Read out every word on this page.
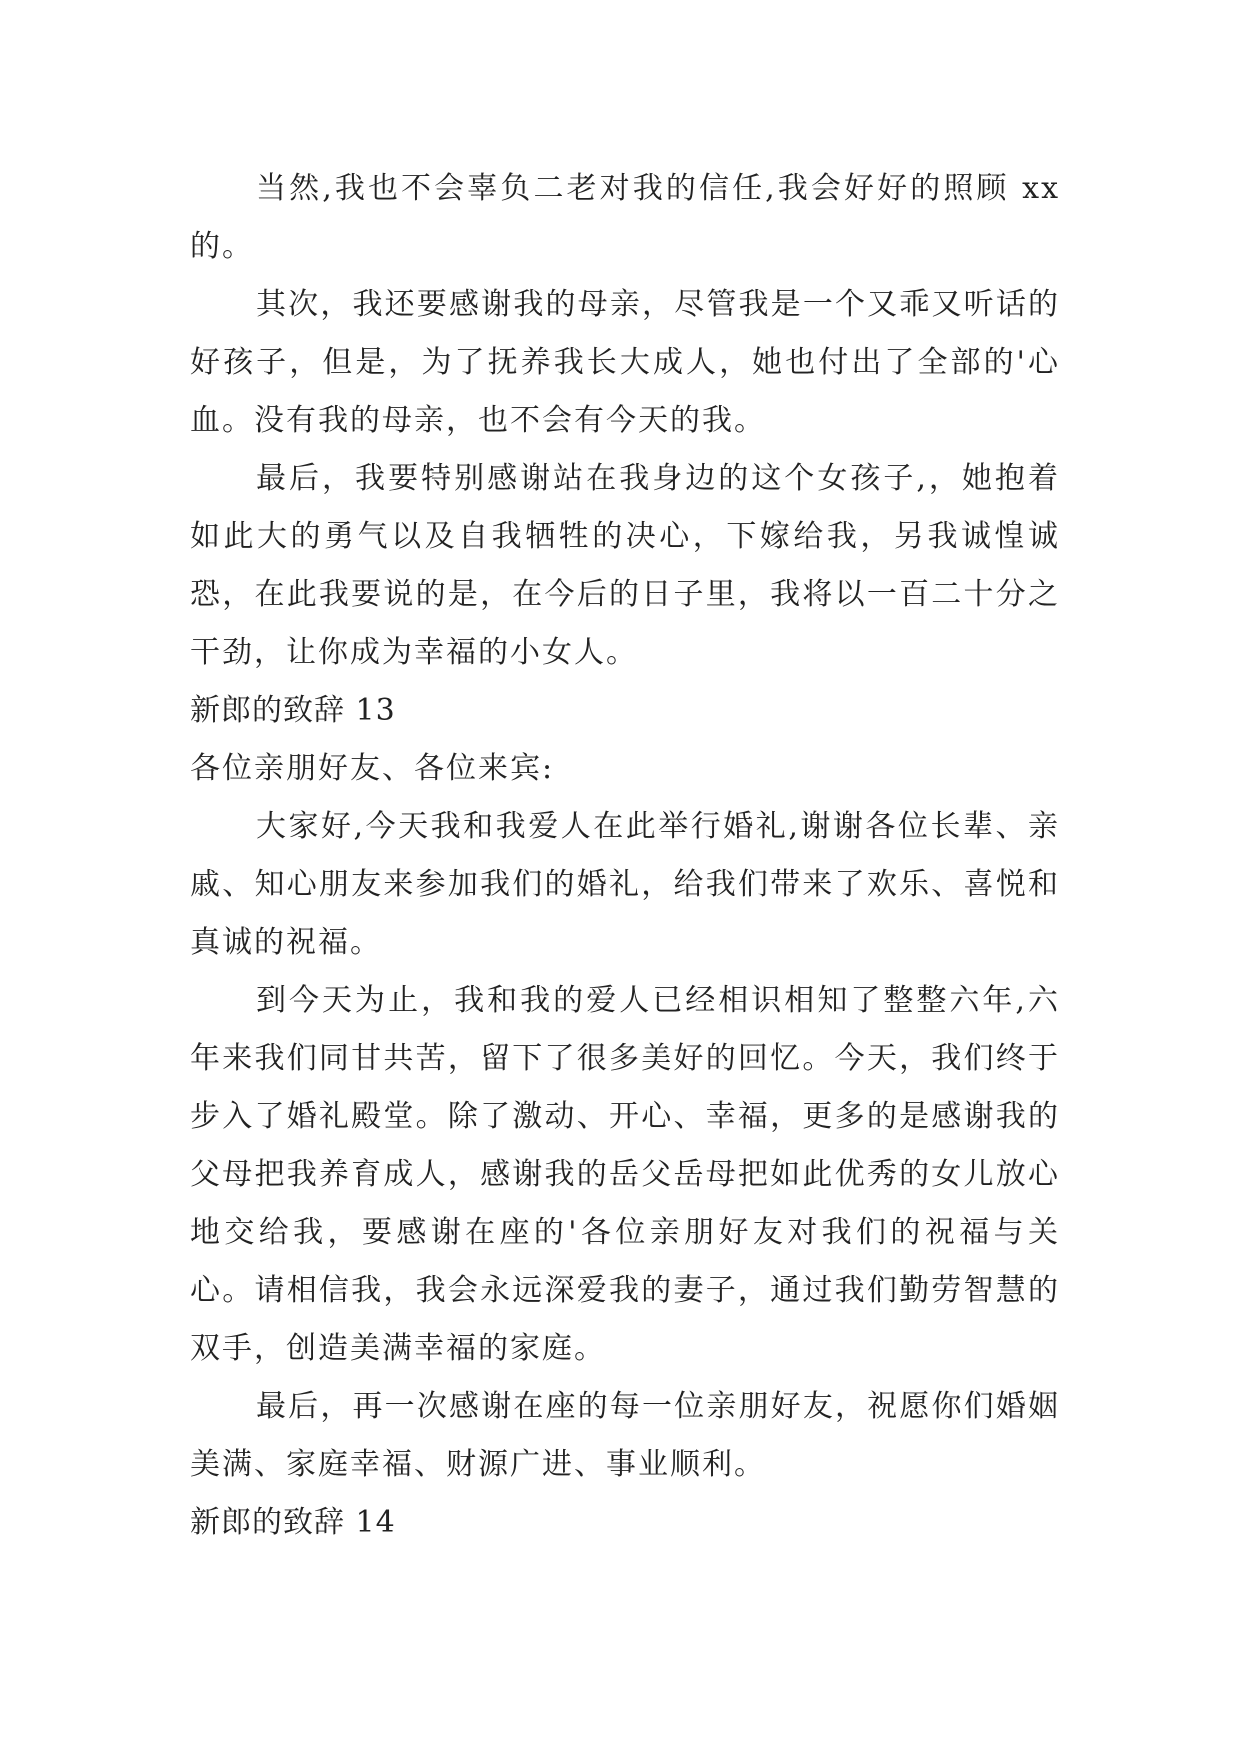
当然,我也不会辜负二老对我的信任,我会好好的照顾 xx 的。

其次，我还要感谢我的母亲，尽管我是一个又乖又听话的好孩子，但是，为了抚养我长大成人，她也付出了全部的'心血。没有我的母亲，也不会有今天的我。

最后，我要特别感谢站在我身边的这个女孩子,，她抱着如此大的勇气以及自我牺牲的决心，下嫁给我，另我诚惶诚恐，在此我要说的是，在今后的日子里，我将以一百二十分之干劲，让你成为幸福的小女人。

新郎的致辞 13

各位亲朋好友、各位来宾:

大家好,今天我和我爱人在此举行婚礼,谢谢各位长辈、亲戚、知心朋友来参加我们的婚礼，给我们带来了欢乐、喜悦和真诚的祝福。

到今天为止，我和我的爱人已经相识相知了整整六年,六年来我们同甘共苦，留下了很多美好的回忆。今天，我们终于步入了婚礼殿堂。除了激动、开心、幸福，更多的是感谢我的父母把我养育成人，感谢我的岳父岳母把如此优秀的女儿放心地交给我，要感谢在座的'各位亲朋好友对我们的祝福与关心。请相信我，我会永远深爱我的妻子，通过我们勤劳智慧的双手，创造美满幸福的家庭。

最后，再一次感谢在座的每一位亲朋好友，祝愿你们婚姻美满、家庭幸福、财源广进、事业顺利。

新郎的致辞 14
